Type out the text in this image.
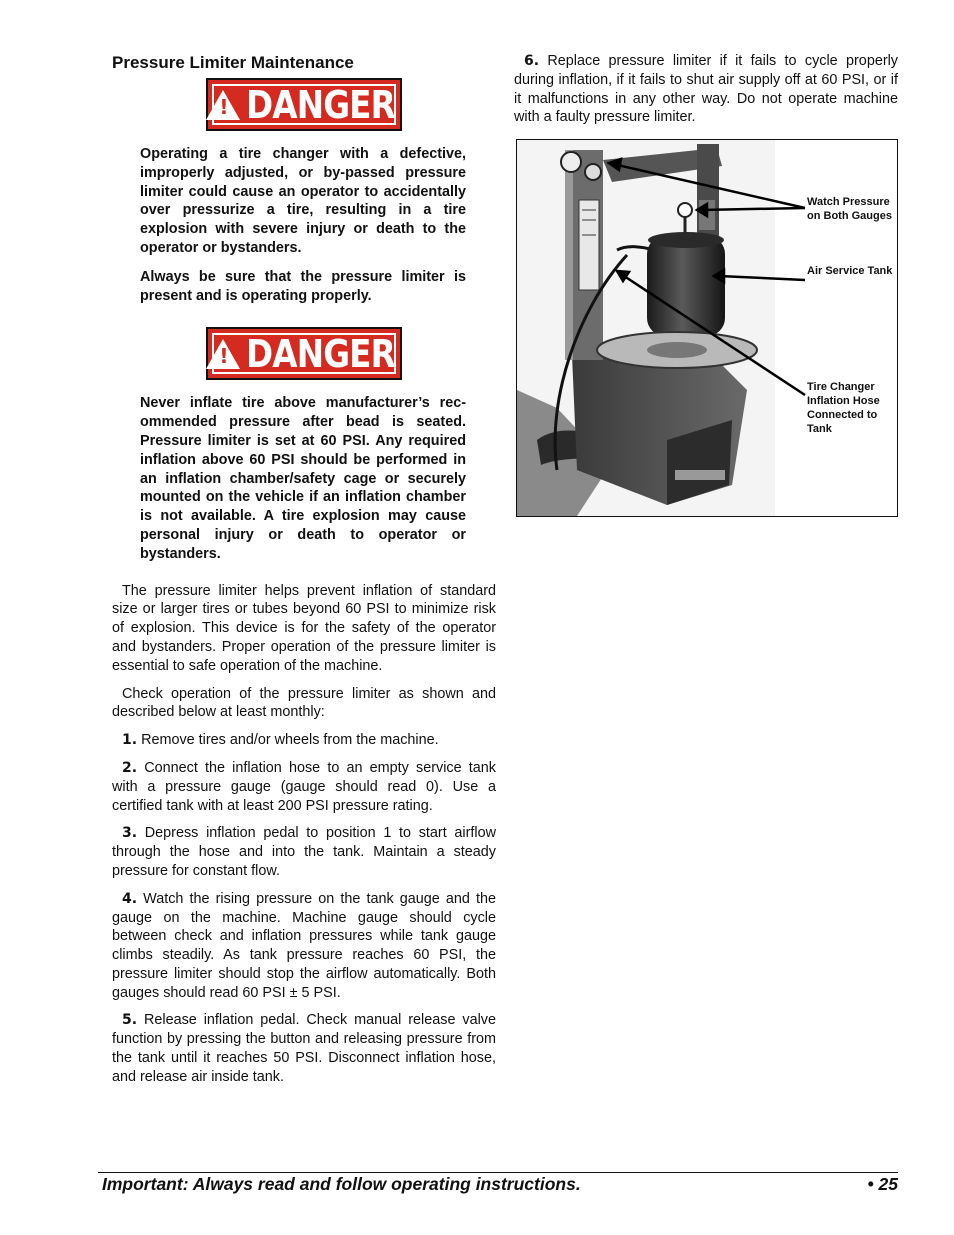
Pressure Limiter Maintenance
! DANGER

Operating a tire changer with a defective, improperly adjusted, or by-passed pressure limiter could cause an operator to accidentally over pressurize a tire, resulting in a tire explosion with severe injury or death to the operator or bystanders.

Always be sure that the pressure limiter is present and is operating properly.

! DANGER

Never inflate tire above manufacturer’s recommended pressure after bead is seated. Pressure limiter is set at 60 PSI. Any required inflation above 60 PSI should be performed in an inflation chamber/safety cage or securely mounted on the vehicle if an inflation chamber is not available. A tire explosion may cause personal injury or death to operator or bystanders.

The pressure limiter helps prevent inflation of standard size or larger tires or tubes beyond 60 PSI to minimize risk of explosion. This device is for the safety of the operator and bystanders. Proper operation of the pressure limiter is essential to safe operation of the machine.

Check operation of the pressure limiter as shown and described below at least monthly:

1. Remove tires and/or wheels from the machine.

2. Connect the inflation hose to an empty service tank with a pressure gauge (gauge should read 0). Use a certified tank with at least 200 PSI pressure rating.

3. Depress inflation pedal to position 1 to start airflow through the hose and into the tank. Maintain a steady pressure for constant flow.

4. Watch the rising pressure on the tank gauge and the gauge on the machine. Machine gauge should cycle between check and inflation pressures while tank gauge climbs steadily. As tank pressure reaches 60 PSI, the pressure limiter should stop the airflow automatically. Both gauges should read 60 PSI ± 5 PSI.

5. Release inflation pedal. Check manual release valve function by pressing the button and releasing pressure from the tank until it reaches 50 PSI. Disconnect inflation hose, and release air inside tank.

6. Replace pressure limiter if it fails to cycle properly during inflation, if it fails to shut air supply off at 60 PSI, or if it malfunctions in any other way. Do not operate machine with a faulty pressure limiter.

Watch Pressure on Both Gauges
Air Service Tank
Tire Changer Inflation Hose Connected to Tank
Important: Always read and follow operating instructions.	• 25
